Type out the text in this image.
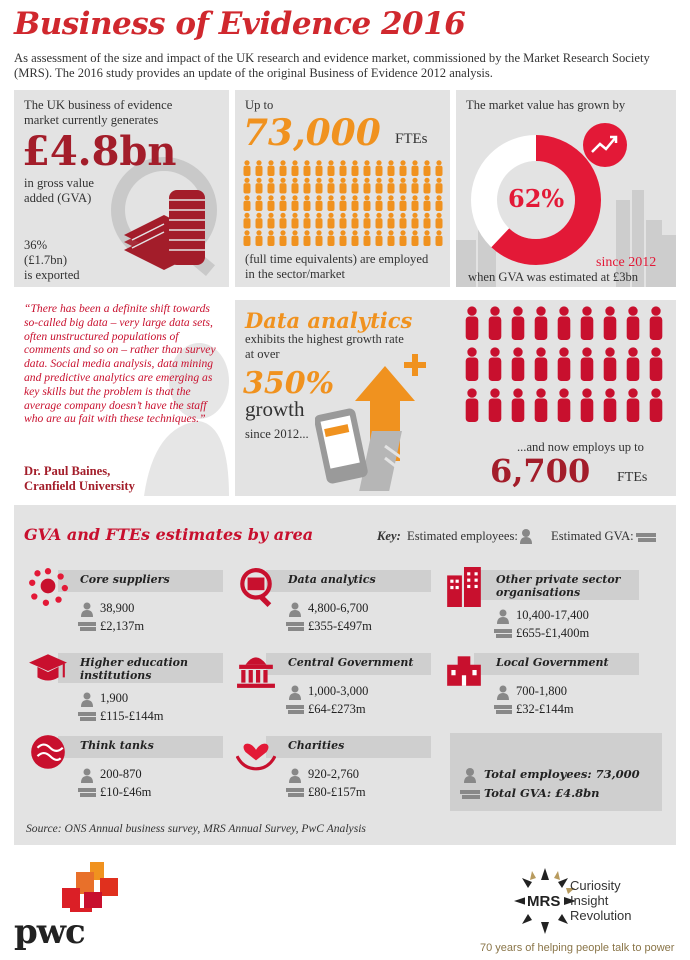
Business of Evidence 2016
As assessment of the size and impact of the UK research and evidence market, commissioned by the Market Research Society (MRS). The 2016 study provides an update of the original Business of Evidence 2012 analysis.
The UK business of evidence market currently generates
£4.8bn
in gross value added (GVA)
36%
(£1.7bn)
is exported
Up to
73,000 FTEs
(full time equivalents) are employed in the sector/market
The market value has grown by
62%
since 2012
when GVA was estimated at £3bn
“There has been a definite shift towards so-called big data – very large data sets, often unstructured populations of comments and so on – rather than survey data. Social media analysis, data mining and predictive analytics are emerging as key skills but the problem is that the average company doesn’t have the staff who are au fait with these techniques.”
Dr. Paul Baines,
Cranfield University
Data analytics
exhibits the highest growth rate at over
350%
growth
since 2012...
...and now employs up to
6,700 FTEs
GVA and FTEs estimates by area	Key: Estimated employees:	Estimated GVA:
Core suppliers
38,900
£2,137m
Data analytics
4,800-6,700
£355-£497m
Other private sector organisations
10,400-17,400
£655-£1,400m
Higher education institutions
1,900
£115-£144m
Central Government
1,000-3,000
£64-£273m
Local Government
700-1,800
£32-£144m
Think tanks
200-870
£10-£46m
Charities
920-2,760
£80-£157m
Total employees: 73,000
Total GVA: £4.8bn
Source: ONS Annual business survey, MRS Annual Survey, PwC Analysis
pwc
MRS
Curiosity
Insight
Revolution
70 years of helping people talk to power
